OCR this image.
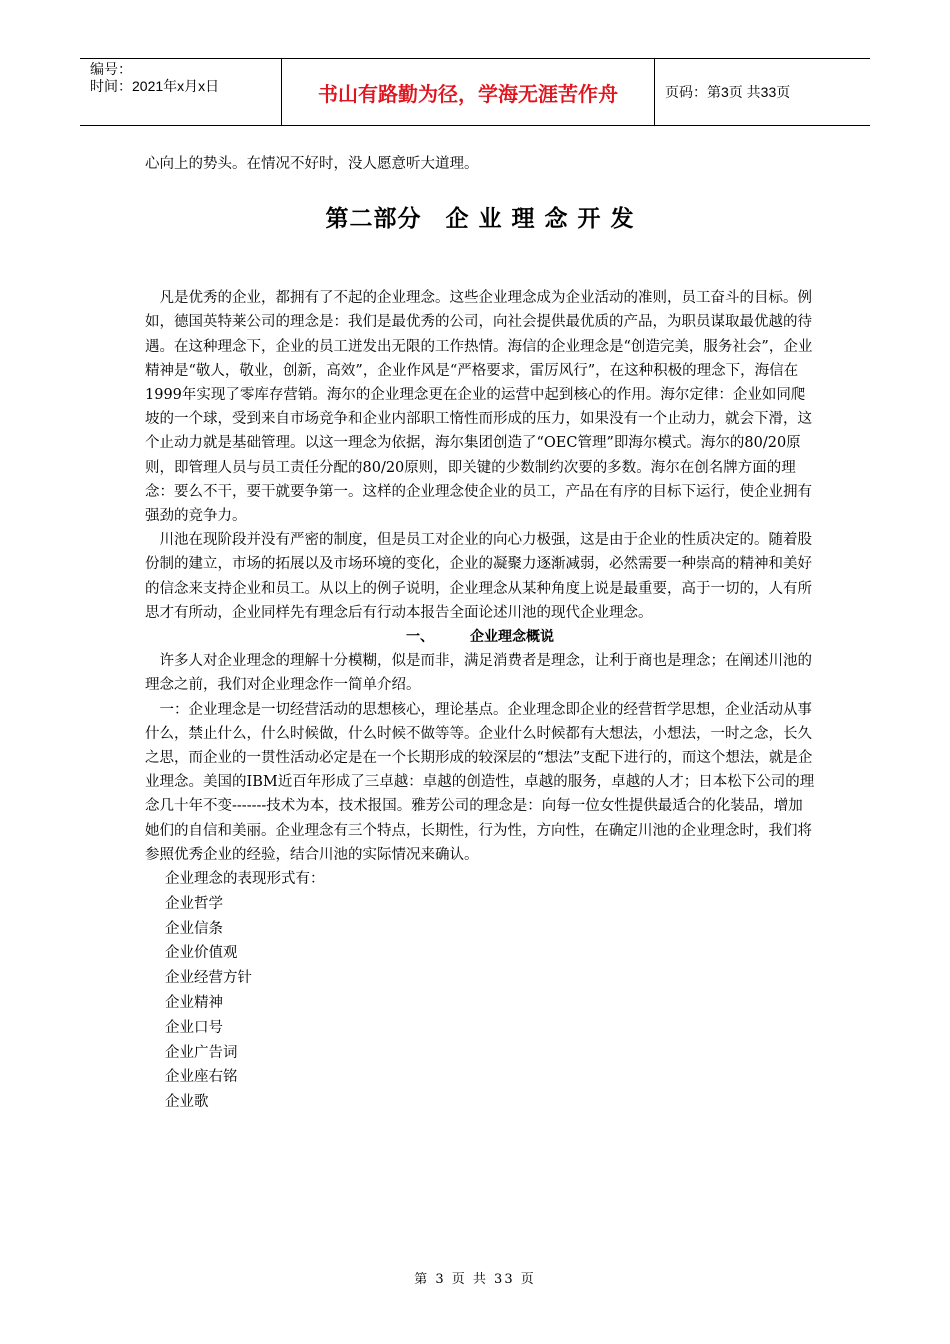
编号：
时间：2021年x月x日	书山有路勤为径，学海无涯苦作舟	页码：第3页 共33页

心向上的势头。在情况不好时，没人愿意听大道理。

第二部分　企 业 理 念 开 发

凡是优秀的企业，都拥有了不起的企业理念。这些企业理念成为企业活动的准则，员工奋斗的目标。例如，德国英特莱公司的理念是：我们是最优秀的公司，向社会提供最优质的产品，为职员谋取最优越的待遇。在这种理念下，企业的员工迸发出无限的工作热情。海信的企业理念是“创造完美，服务社会”，企业精神是“敬人，敬业，创新，高效”，企业作风是“严格要求，雷厉风行”，在这种积极的理念下，海信在1999年实现了零库存营销。海尔的企业理念更在企业的运营中起到核心的作用。海尔定律：企业如同爬坡的一个球，受到来自市场竞争和企业内部职工惰性而形成的压力，如果没有一个止动力，就会下滑，这个止动力就是基础管理。以这一理念为依据，海尔集团创造了“OEC管理”即海尔模式。海尔的80/20原则，即管理人员与员工责任分配的80/20原则，即关键的少数制约次要的多数。海尔在创名牌方面的理念：要么不干，要干就要争第一。这样的企业理念使企业的员工，产品在有序的目标下运行，使企业拥有强劲的竞争力。

川池在现阶段并没有严密的制度，但是员工对企业的向心力极强，这是由于企业的性质决定的。随着股份制的建立，市场的拓展以及市场环境的变化，企业的凝聚力逐渐减弱，必然需要一种崇高的精神和美好的信念来支持企业和员工。从以上的例子说明，企业理念从某种角度上说是最重要，高于一切的，人有所思才有所动，企业同样先有理念后有行动本报告全面论述川池的现代企业理念。

一、	企业理念概说

许多人对企业理念的理解十分模糊，似是而非，满足消费者是理念，让利于商也是理念；在阐述川池的理念之前，我们对企业理念作一简单介绍。

一：企业理念是一切经营活动的思想核心，理论基点。企业理念即企业的经营哲学思想，企业活动从事什么，禁止什么，什么时候做，什么时候不做等等。企业什么时候都有大想法，小想法，一时之念，长久之思，而企业的一贯性活动必定是在一个长期形成的较深层的“想法”支配下进行的，而这个想法，就是企业理念。美国的IBM近百年形成了三卓越：卓越的创造性，卓越的服务，卓越的人才；日本松下公司的理念几十年不变-------技术为本，技术报国。雅芳公司的理念是：向每一位女性提供最适合的化装品，增加她们的自信和美丽。企业理念有三个特点，长期性，行为性，方向性，在确定川池的企业理念时，我们将参照优秀企业的经验，结合川池的实际情况来确认。

企业理念的表现形式有：

企业哲学

企业信条

企业价值观

企业经营方针

企业精神

企业口号

企业广告词

企业座右铭

企业歌

第 3 页 共 33 页
